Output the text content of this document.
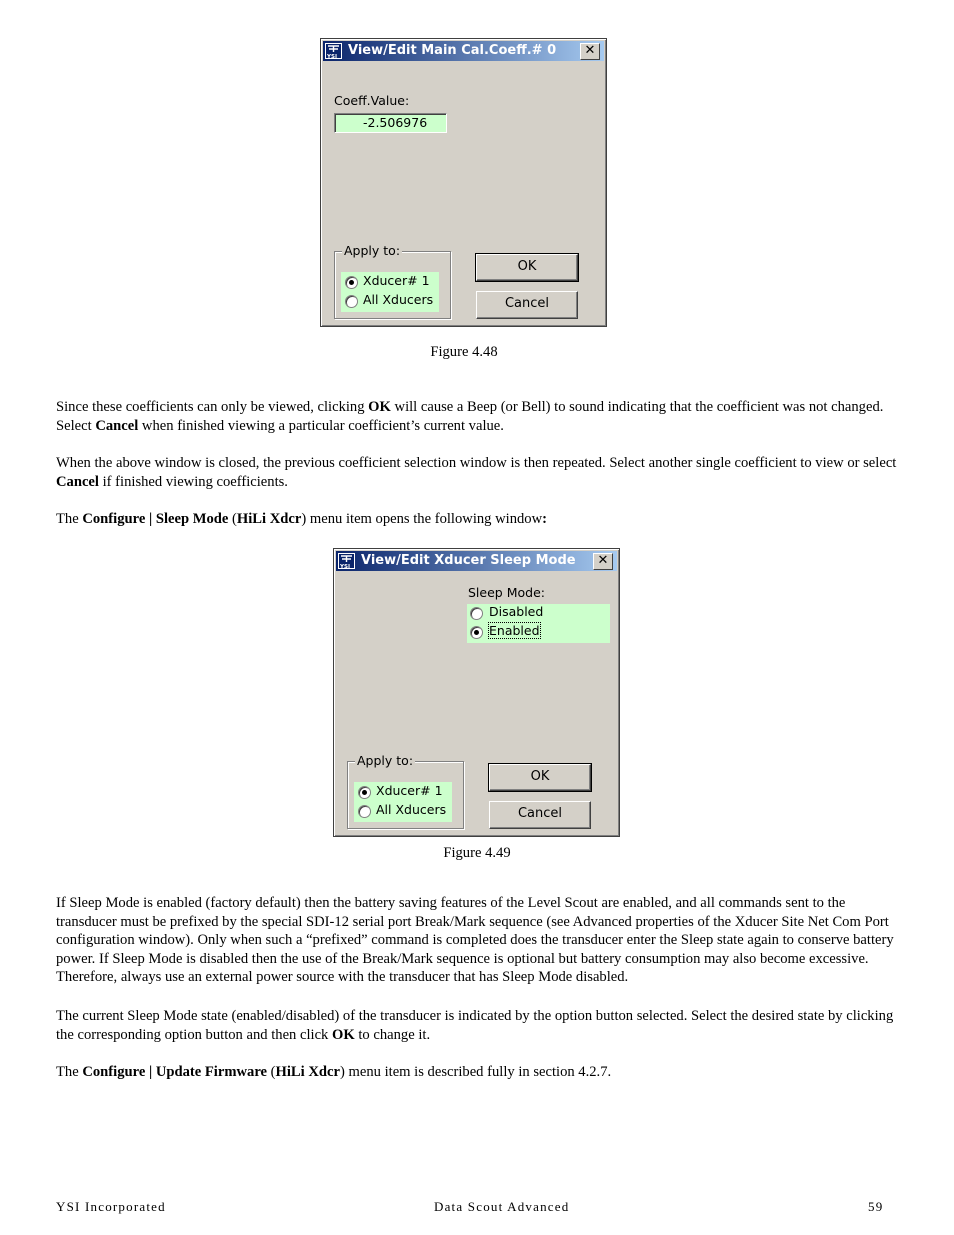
YSI View/Edit Main Cal.Coeff.# 0	✕
Coeff.Value:
-2.506976
Apply to:
Xducer# 1
All Xducers
OK
Cancel
Figure 4.48

Since these coefficients can only be viewed, clicking OK will cause a Beep (or Bell) to sound indicating that the coefficient was not changed. Select Cancel when finished viewing a particular coefficient’s current value.

When the above window is closed, the previous coefficient selection window is then repeated. Select another single coefficient to view or select Cancel if finished viewing coefficients.

The Configure | Sleep Mode (HiLi Xdcr) menu item opens the following window:

YSI View/Edit Xducer Sleep Mode	✕
Sleep Mode:
Disabled
Enabled
Apply to:
Xducer# 1
All Xducers
OK
Cancel
Figure 4.49

If Sleep Mode is enabled (factory default) then the battery saving features of the Level Scout are enabled, and all commands sent to the transducer must be prefixed by the special SDI-12 serial port Break/Mark sequence (see Advanced properties of the Xducer Site Net Com Port configuration window). Only when such a “prefixed” command is completed does the transducer enter the Sleep state again to conserve battery power. If Sleep Mode is disabled then the use of the Break/Mark sequence is optional but battery consumption may also become excessive. Therefore, always use an external power source with the transducer that has Sleep Mode disabled.

The current Sleep Mode state (enabled/disabled) of the transducer is indicated by the option button selected. Select the desired state by clicking the corresponding option button and then click OK to change it.

The Configure | Update Firmware (HiLi Xdcr) menu item is described fully in section 4.2.7.

YSI Incorporated	Data Scout Advanced	59
